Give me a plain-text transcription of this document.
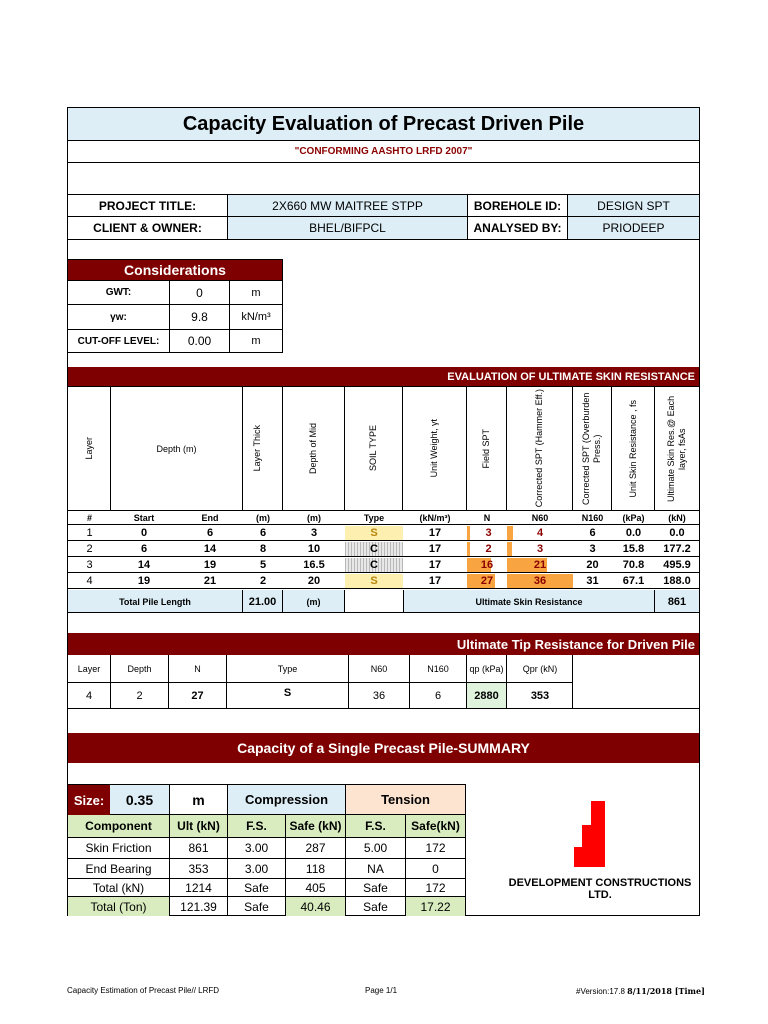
Capacity Evaluation of Precast Driven Pile
"CONFORMING AASHTO LRFD 2007"
PROJECT TITLE:	2X660 MW MAITREE STPP	BOREHOLE ID:	DESIGN SPT
CLIENT & OWNER:	BHEL/BIFPCL	ANALYSED BY:	PRIODEEP
Considerations
GWT:	0	m
γw:	9.8	kN/m³
CUT-OFF LEVEL:	0.00	m
EVALUATION OF ULTIMATE SKIN RESISTANCE
Layer	Depth (m)	Layer Thick	Depth of Mid	SOIL TYPE	Unit Weight, γt	Field SPT	Corrected SPT (Hammer Eff.)	Corrected SPT (Overburden Press.)	Unit Skin Resistance , fs	Ultimate Skin Res.@ Each layer, fsAs
#	Start	End	(m)	(m)	Type	(kN/m³)	N	N60	N160	(kPa)	(kN)
1	0	6	6	3	S	17	3	4	6	0.0	0.0
2	6	14	8	10	C	17	2	3	3	15.8	177.2
3	14	19	5	16.5	C	17	16	21	20	70.8	495.9
4	19	21	2	20	S	17	27	36	31	67.1	188.0
Total Pile Length	21.00	(m)	Ultimate Skin Resistance	861
Ultimate Tip Resistance for Driven Pile
Layer	Depth	N	Type	N60	N160	qp (kPa)	Qpr (kN)
4	2	27	S	36	6	2880	353
Capacity of a Single Precast Pile-SUMMARY
Size:	0.35	m	Compression	Tension
Component	Ult (kN)	F.S.	Safe (kN)	F.S.	Safe(kN)
Skin Friction	861	3.00	287	5.00	172
End Bearing	353	3.00	118	NA	0
Total (kN)	1214	Safe	405	Safe	172
Total (Ton)	121.39	Safe	40.46	Safe	17.22
DEVELOPMENT CONSTRUCTIONS LTD.
Capacity Estimation of Precast Pile// LRFD	Page 1/1	#Version:17.8 8/11/2018 [Time]
